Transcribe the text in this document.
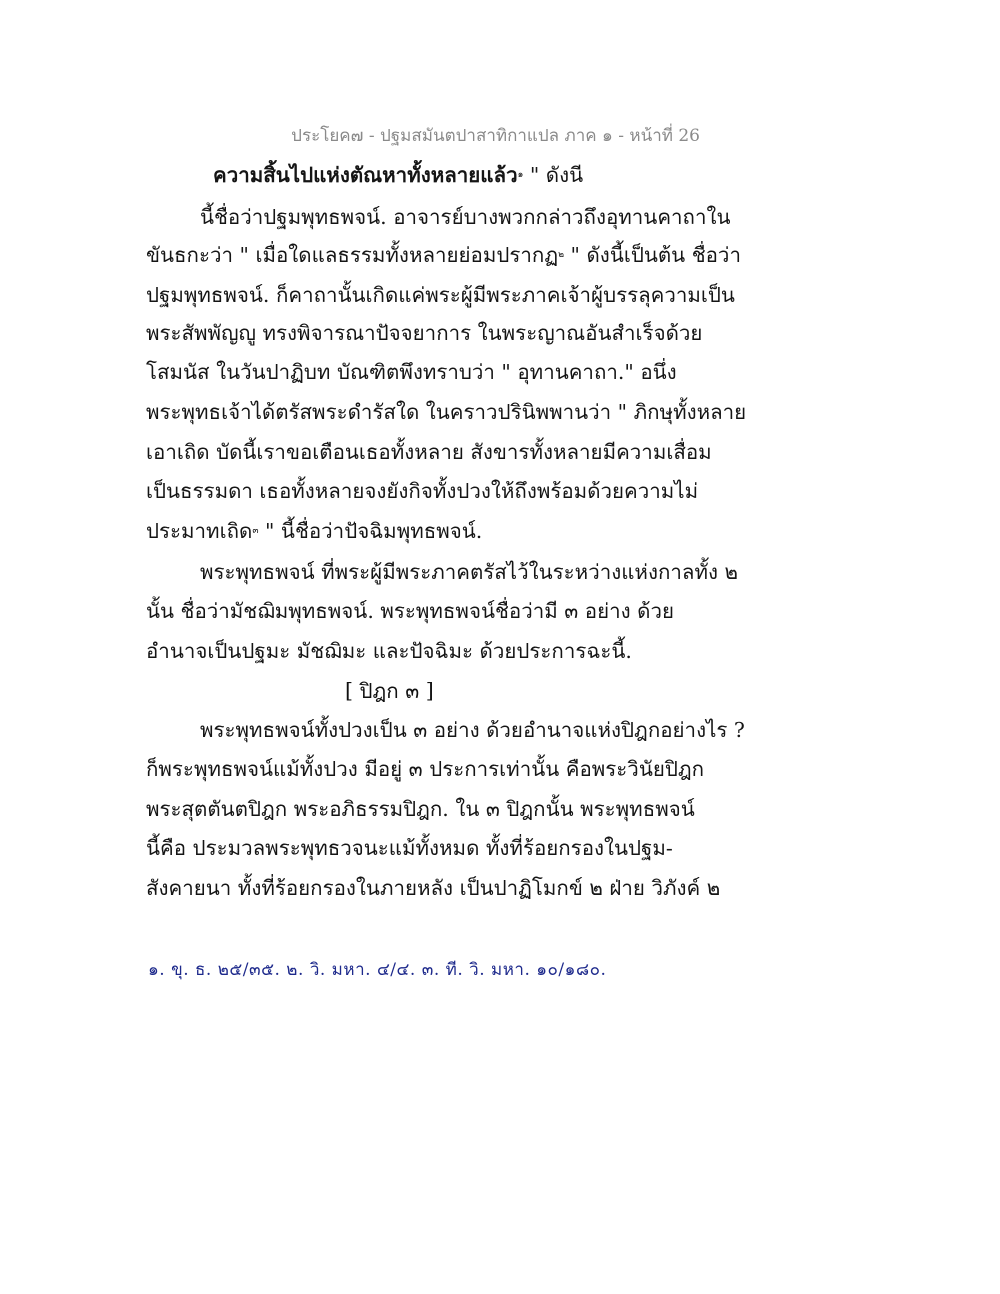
ประโยค๗ - ปฐมสมันตปาสาทิกาแปล ภาค ๑ - หน้าที่ 26
ความสิ้นไปแห่งตัณหาทั้งหลายแล้ว$^๑$ " ดังนี
นี้ชื่อว่าปฐมพุทธพจน์. อาจารย์บางพวกกล่าวถึงอุทานคาถาใน
ขันธกะว่า " เมื่อใดแลธรรมทั้งหลายย่อมปรากฏ$^๒$ " ดังนี้เป็นต้น ชื่อว่า
ปฐมพุทธพจน์. ก็คาถานั้นเกิดแค่พระผู้มีพระภาคเจ้าผู้บรรลุความเป็น
พระสัพพัญญู ทรงพิจารณาปัจจยาการ ในพระญาณอันสำเร็จด้วย
โสมนัส ในวันปาฏิบท บัณฑิตพึงทราบว่า " อุทานคาถา." อนึ่ง
พระพุทธเจ้าได้ตรัสพระดำรัสใด ในคราวปรินิพพานว่า " ภิกษุทั้งหลาย
เอาเถิด บัดนี้เราขอเตือนเธอทั้งหลาย สังขารทั้งหลายมีความเสื่อม
เป็นธรรมดา เธอทั้งหลายจงยังกิจทั้งปวงให้ถึงพร้อมด้วยความไม่
ประมาทเถิด$^๓$ " นี้ชื่อว่าปัจฉิมพุทธพจน์.
พระพุทธพจน์ ที่พระผู้มีพระภาคตรัสไว้ในระหว่างแห่งกาลทั้ง ๒
นั้น ชื่อว่ามัชฌิมพุทธพจน์. พระพุทธพจน์ชื่อว่ามี ๓ อย่าง ด้วย
อำนาจเป็นปฐมะ มัชฌิมะ และปัจฉิมะ ด้วยประการฉะนี้.
[ ปิฎก ๓ ]
พระพุทธพจน์ทั้งปวงเป็น ๓ อย่าง ด้วยอำนาจแห่งปิฎกอย่างไร ?
ก็พระพุทธพจน์แม้ทั้งปวง มีอยู่ ๓ ประการเท่านั้น คือพระวินัยปิฎก
พระสุตตันตปิฎก พระอภิธรรมปิฎก. ใน ๓ ปิฎกนั้น พระพุทธพจน์
นี้คือ ประมวลพระพุทธวจนะแม้ทั้งหมด ทั้งที่ร้อยกรองในปฐม-
สังคายนา ทั้งที่ร้อยกรองในภายหลัง เป็นปาฏิโมกข์ ๒ ฝ่าย วิภังค์ ๒
๑. ขุ. ธ. ๒๕/๓๕. ๒. วิ. มหา. ๔/๔. ๓. ที. วิ. มหา. ๑๐/๑๘๐.
